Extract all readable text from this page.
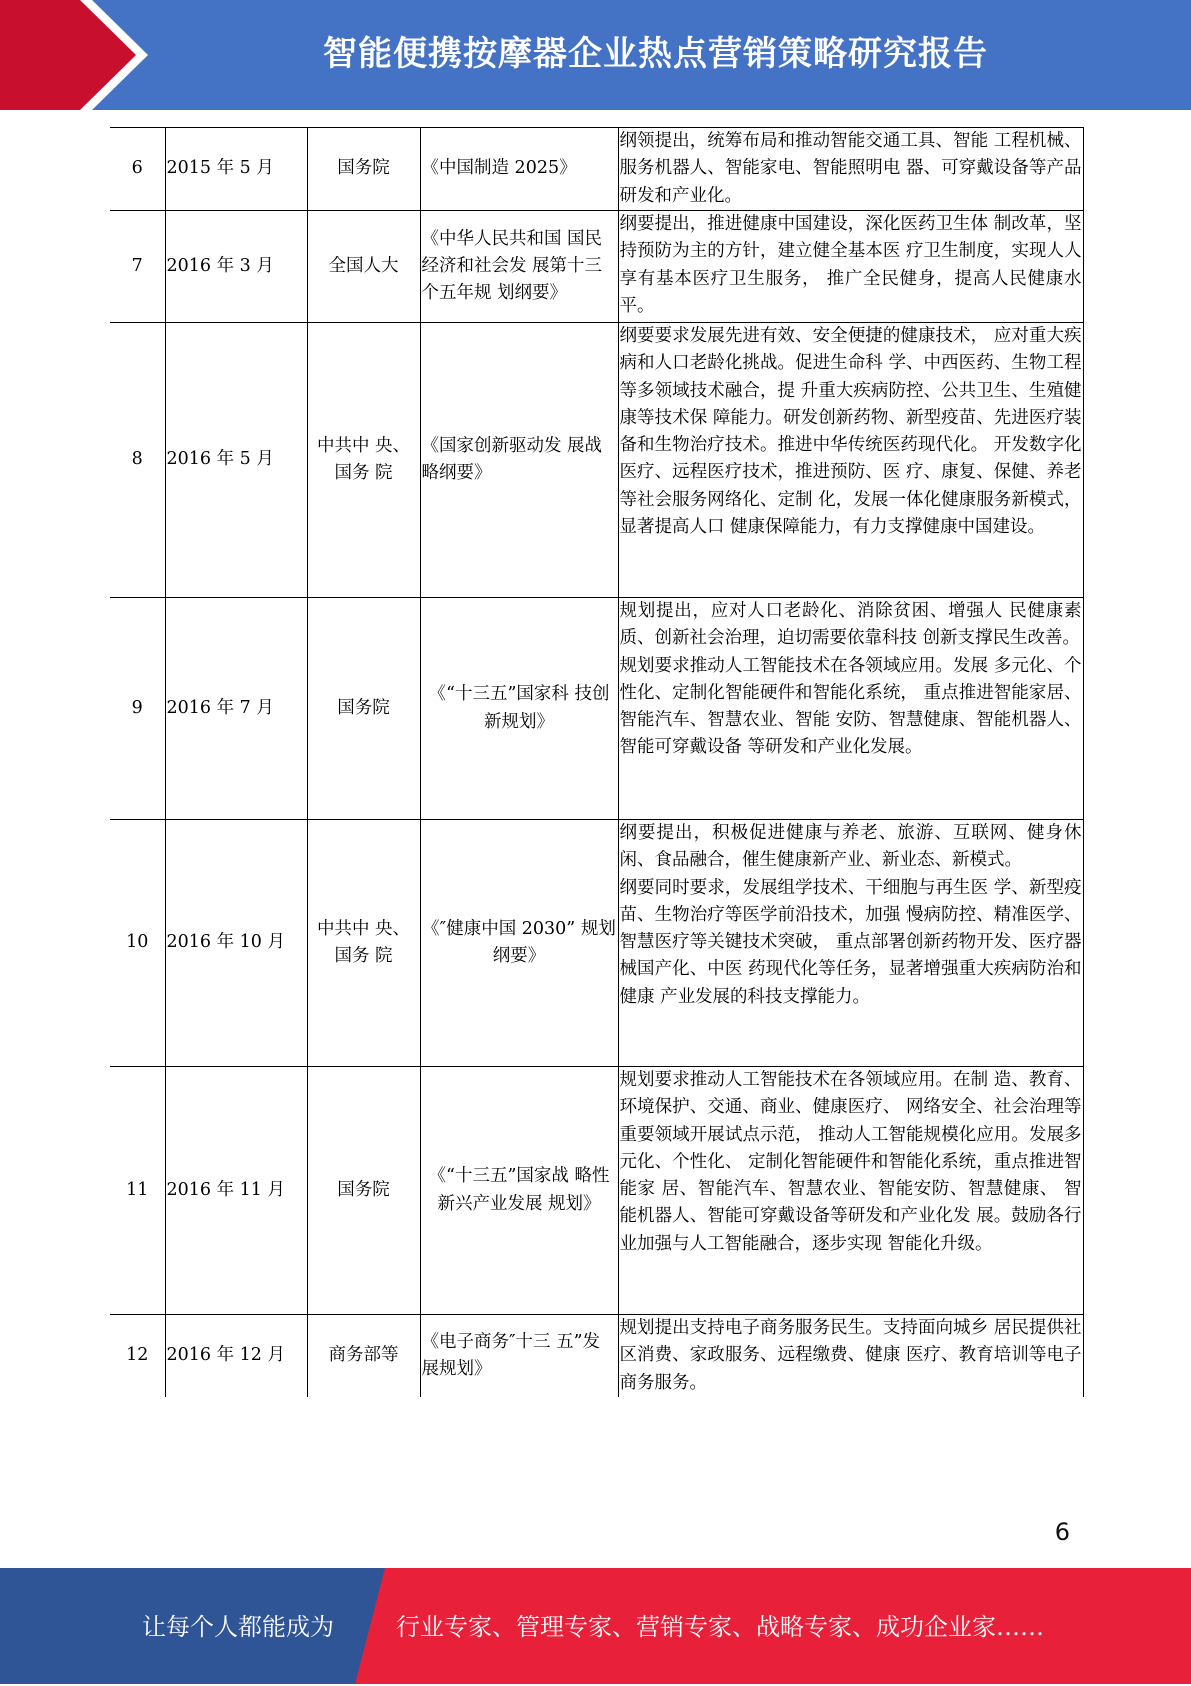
智能便携按摩器企业热点营销策略研究报告
6	2015 年 5 月	国务院	《中国制造 2025》	纲领提出，统筹布局和推动智能交通工具、智能 工程机械、服务机器人、智能家电、智能照明电 器、可穿戴设备等产品研发和产业化。

7	2016 年 3 月	全国人大	《中华人民共和国 国民经济和社会发 展第十三个五年规 划纲要》	纲要提出，推进健康中国建设，深化医药卫生体 制改革，坚持预防为主的方针，建立健全基本医 疗卫生制度，实现人人享有基本医疗卫生服务， 推广全民健身，提高人民健康水平。

8	2016 年 5 月	中共中 央、国务 院	《国家创新驱动发 展战略纲要》	纲要要求发展先进有效、安全便捷的健康技术， 应对重大疾病和人口老龄化挑战。促进生命科 学、中西医药、生物工程等多领域技术融合，提 升重大疾病防控、公共卫生、生殖健康等技术保 障能力。研发创新药物、新型疫苗、先进医疗装 备和生物治疗技术。推进中华传统医药现代化。 开发数字化医疗、远程医疗技术，推进预防、医 疗、康复、保健、养老等社会服务网络化、定制 化，发展一体化健康服务新模式，显著提高人口 健康保障能力，有力支撑健康中国建设。

9	2016 年 7 月	国务院	《“十三五”国家科 技创新规划》	规划提出，应对人口老龄化、消除贫困、增强人 民健康素质、创新社会治理，迫切需要依靠科技 创新支撑民生改善。
规划要求推动人工智能技术在各领域应用。发展 多元化、个性化、定制化智能硬件和智能化系统， 重点推进智能家居、智能汽车、智慧农业、智能 安防、智慧健康、智能机器人、智能可穿戴设备 等研发和产业化发展。

10	2016 年 10 月	中共中 央、国务 院	《″健康中国 2030” 规划纲要》	纲要提出，积极促进健康与养老、旅游、互联网、健身休闲、食品融合，催生健康新产业、新业态、新模式。
纲要同时要求，发展组学技术、干细胞与再生医 学、新型疫苗、生物治疗等医学前沿技术，加强 慢病防控、精准医学、智慧医疗等关键技术突破， 重点部署创新药物开发、医疗器械国产化、中医 药现代化等任务，显著增强重大疾病防治和健康 产业发展的科技支撑能力。

11	2016 年 11 月	国务院	《“十三五”国家战 略性新兴产业发展 规划》	规划要求推动人工智能技术在各领域应用。在制 造、教育、环境保护、交通、商业、健康医疗、 网络安全、社会治理等重要领域开展试点示范， 推动人工智能规模化应用。发展多元化、个性化、 定制化智能硬件和智能化系统，重点推进智能家 居、智能汽车、智慧农业、智能安防、智慧健康、 智能机器人、智能可穿戴设备等研发和产业化发 展。鼓励各行业加强与人工智能融合，逐步实现 智能化升级。

12	2016 年 12 月	商务部等	《电子商务″十三 五”发展规划》	规划提出支持电子商务服务民生。支持面向城乡 居民提供社区消费、家政服务、远程缴费、健康 医疗、教育培训等电子商务服务。
6
让每个人都能成为	行业专家、管理专家、营销专家、战略专家、成功企业家……
